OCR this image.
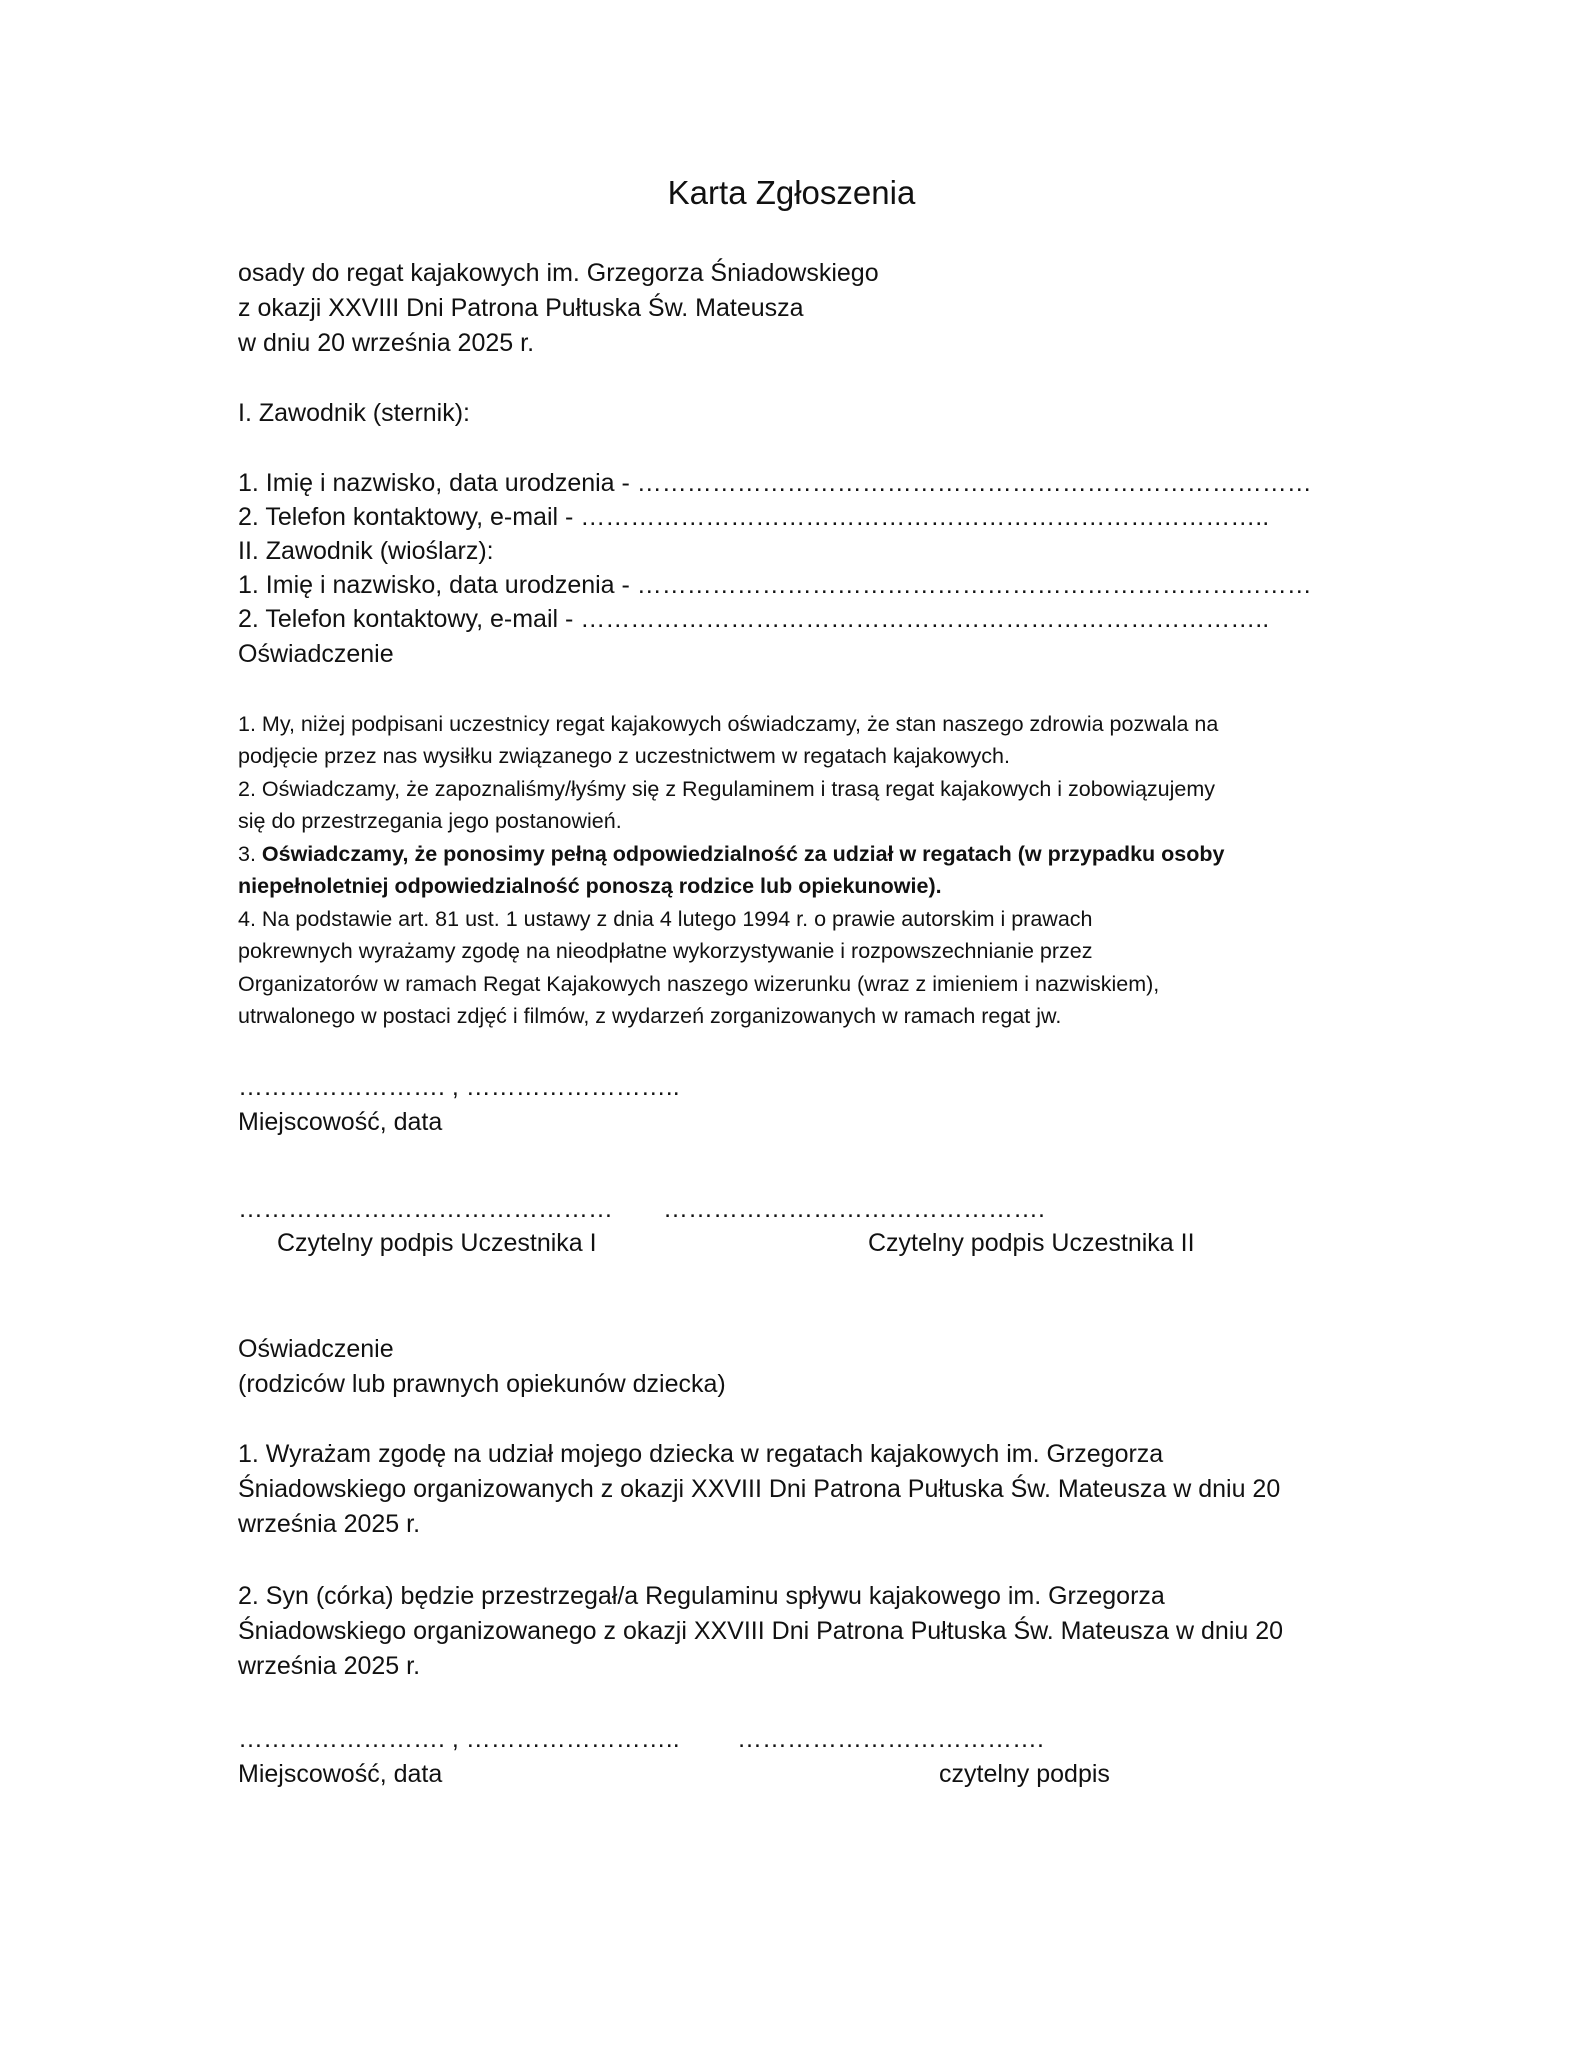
Karta Zgłoszenia
osady do regat kajakowych im. Grzegorza Śniadowskiego
z okazji XXVIII Dni Patrona Pułtuska Św. Mateusza
w dniu 20 września 2025 r.
I. Zawodnik (sternik):
1. Imię i nazwisko, data urodzenia - ………………………………………………………………………
2. Telefon kontaktowy, e-mail - ………………………………………………………………………..
II. Zawodnik (wioślarz):
1. Imię i nazwisko, data urodzenia - ………………………………………………………………………
2. Telefon kontaktowy, e-mail - ………………………………………………………………………..
Oświadczenie
1. My, niżej podpisani uczestnicy regat kajakowych oświadczamy, że stan naszego zdrowia pozwala na
podjęcie przez nas wysiłku związanego z uczestnictwem w regatach kajakowych.
2. Oświadczamy, że zapoznaliśmy/łyśmy się z Regulaminem i trasą regat kajakowych i zobowiązujemy
się do przestrzegania jego postanowień.
3. Oświadczamy, że ponosimy pełną odpowiedzialność za udział w regatach (w przypadku osoby
niepełnoletniej odpowiedzialność ponoszą rodzice lub opiekunowie).
4. Na podstawie art. 81 ust. 1 ustawy z dnia 4 lutego 1994 r. o prawie autorskim i prawach
pokrewnych wyrażamy zgodę na nieodpłatne wykorzystywanie i rozpowszechnianie przez
Organizatorów w ramach Regat Kajakowych naszego wizerunku (wraz z imieniem i nazwiskiem),
utrwalonego w postaci zdjęć i filmów, z wydarzeń zorganizowanych w ramach regat jw.
……………………. , ……………………..
Miejscowość, data
……………………………………… ……………………………………….
Czytelny podpis Uczestnika I	Czytelny podpis Uczestnika II
Oświadczenie
(rodziców lub prawnych opiekunów dziecka)
1. Wyrażam zgodę na udział mojego dziecka w regatach kajakowych im. Grzegorza
Śniadowskiego organizowanych z okazji XXVIII Dni Patrona Pułtuska Św. Mateusza w dniu 20
września 2025 r.
2. Syn (córka) będzie przestrzegał/a Regulaminu spływu kajakowego im. Grzegorza
Śniadowskiego organizowanego z okazji XXVIII Dni Patrona Pułtuska Św. Mateusza w dniu 20
września 2025 r.
……………………. , …………………….. ……………………………….
Miejscowość, data	czytelny podpis
